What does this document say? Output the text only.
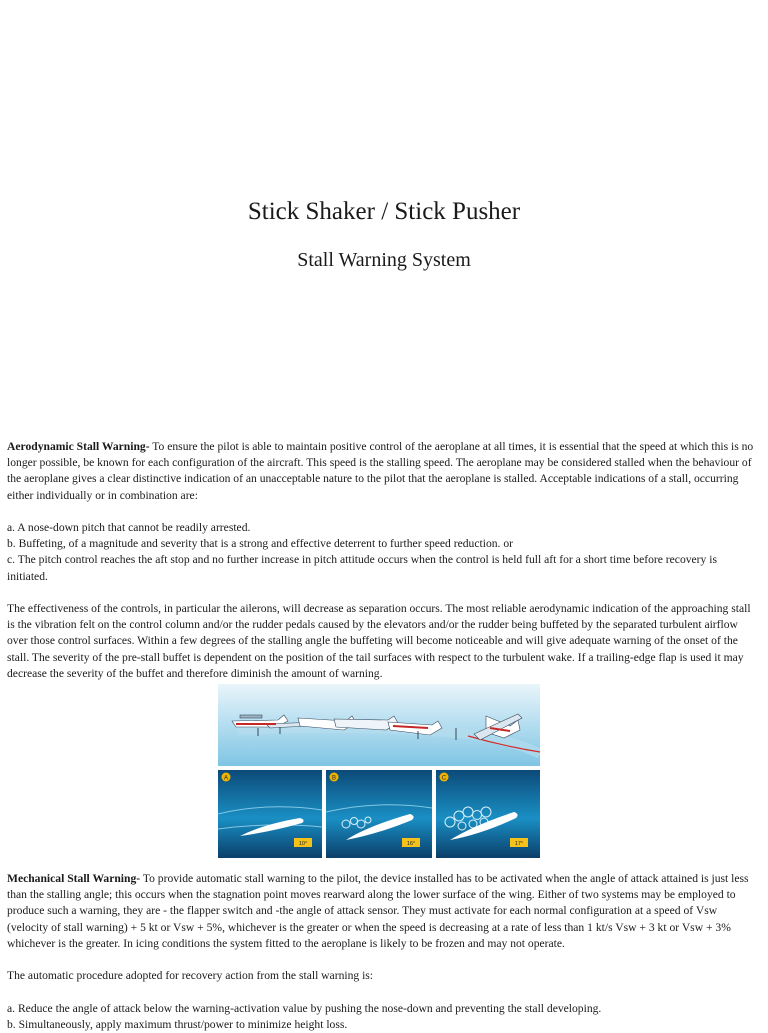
Stick Shaker / Stick Pusher
Stall Warning System

Aerodynamic Stall Warning- To ensure the pilot is able to maintain positive control of the aeroplane at all times, it is essential that the speed at which this is no longer possible, be known for each configuration of the aircraft. This speed is the stalling speed. The aeroplane may be considered stalled when the behaviour of the aeroplane gives a clear distinctive indication of an unacceptable nature to the pilot that the aeroplane is stalled. Acceptable indications of a stall, occurring either individually or in combination are:

a. A nose-down pitch that cannot be readily arrested.

b. Buffeting, of a magnitude and severity that is a strong and effective deterrent to further speed reduction. or

c. The pitch control reaches the aft stop and no further increase in pitch attitude occurs when the control is held full aft for a short time before recovery is initiated.

The effectiveness of the controls, in particular the ailerons, will decrease as separation occurs. The most reliable aerodynamic indication of the approaching stall is the vibration felt on the control column and/or the rudder pedals caused by the elevators and/or the rudder being buffeted by the separated turbulent airflow over those control surfaces. Within a few degrees of the stalling angle the buffeting will become noticeable and will give adequate warning of the onset of the stall. The severity of the pre-stall buffet is dependent on the position of the tail surfaces with respect to the turbulent wake. If a trailing-edge flap is used it may decrease the severity of the buffet and therefore diminish the amount of warning.

A
10°
B
16°
C
17°

Mechanical Stall Warning- To provide automatic stall warning to the pilot, the device installed has to be activated when the angle of attack attained is just less than the stalling angle; this occurs when the stagnation point moves rearward along the lower surface of the wing. Either of two systems may be employed to produce such a warning, they are - the flapper switch and -the angle of attack sensor. They must activate for each normal configuration at a speed of Vsw (velocity of stall warning) + 5 kt or Vsw + 5%, whichever is the greater or when the speed is decreasing at a rate of less than 1 kt/s Vsw + 3 kt or Vsw + 3% whichever is the greater. In icing conditions the system fitted to the aeroplane is likely to be frozen and may not operate.

The automatic procedure adopted for recovery action from the stall warning is:

a. Reduce the angle of attack below the warning-activation value by pushing the nose-down and preventing the stall developing.

b. Simultaneously, apply maximum thrust/power to minimize height loss.
